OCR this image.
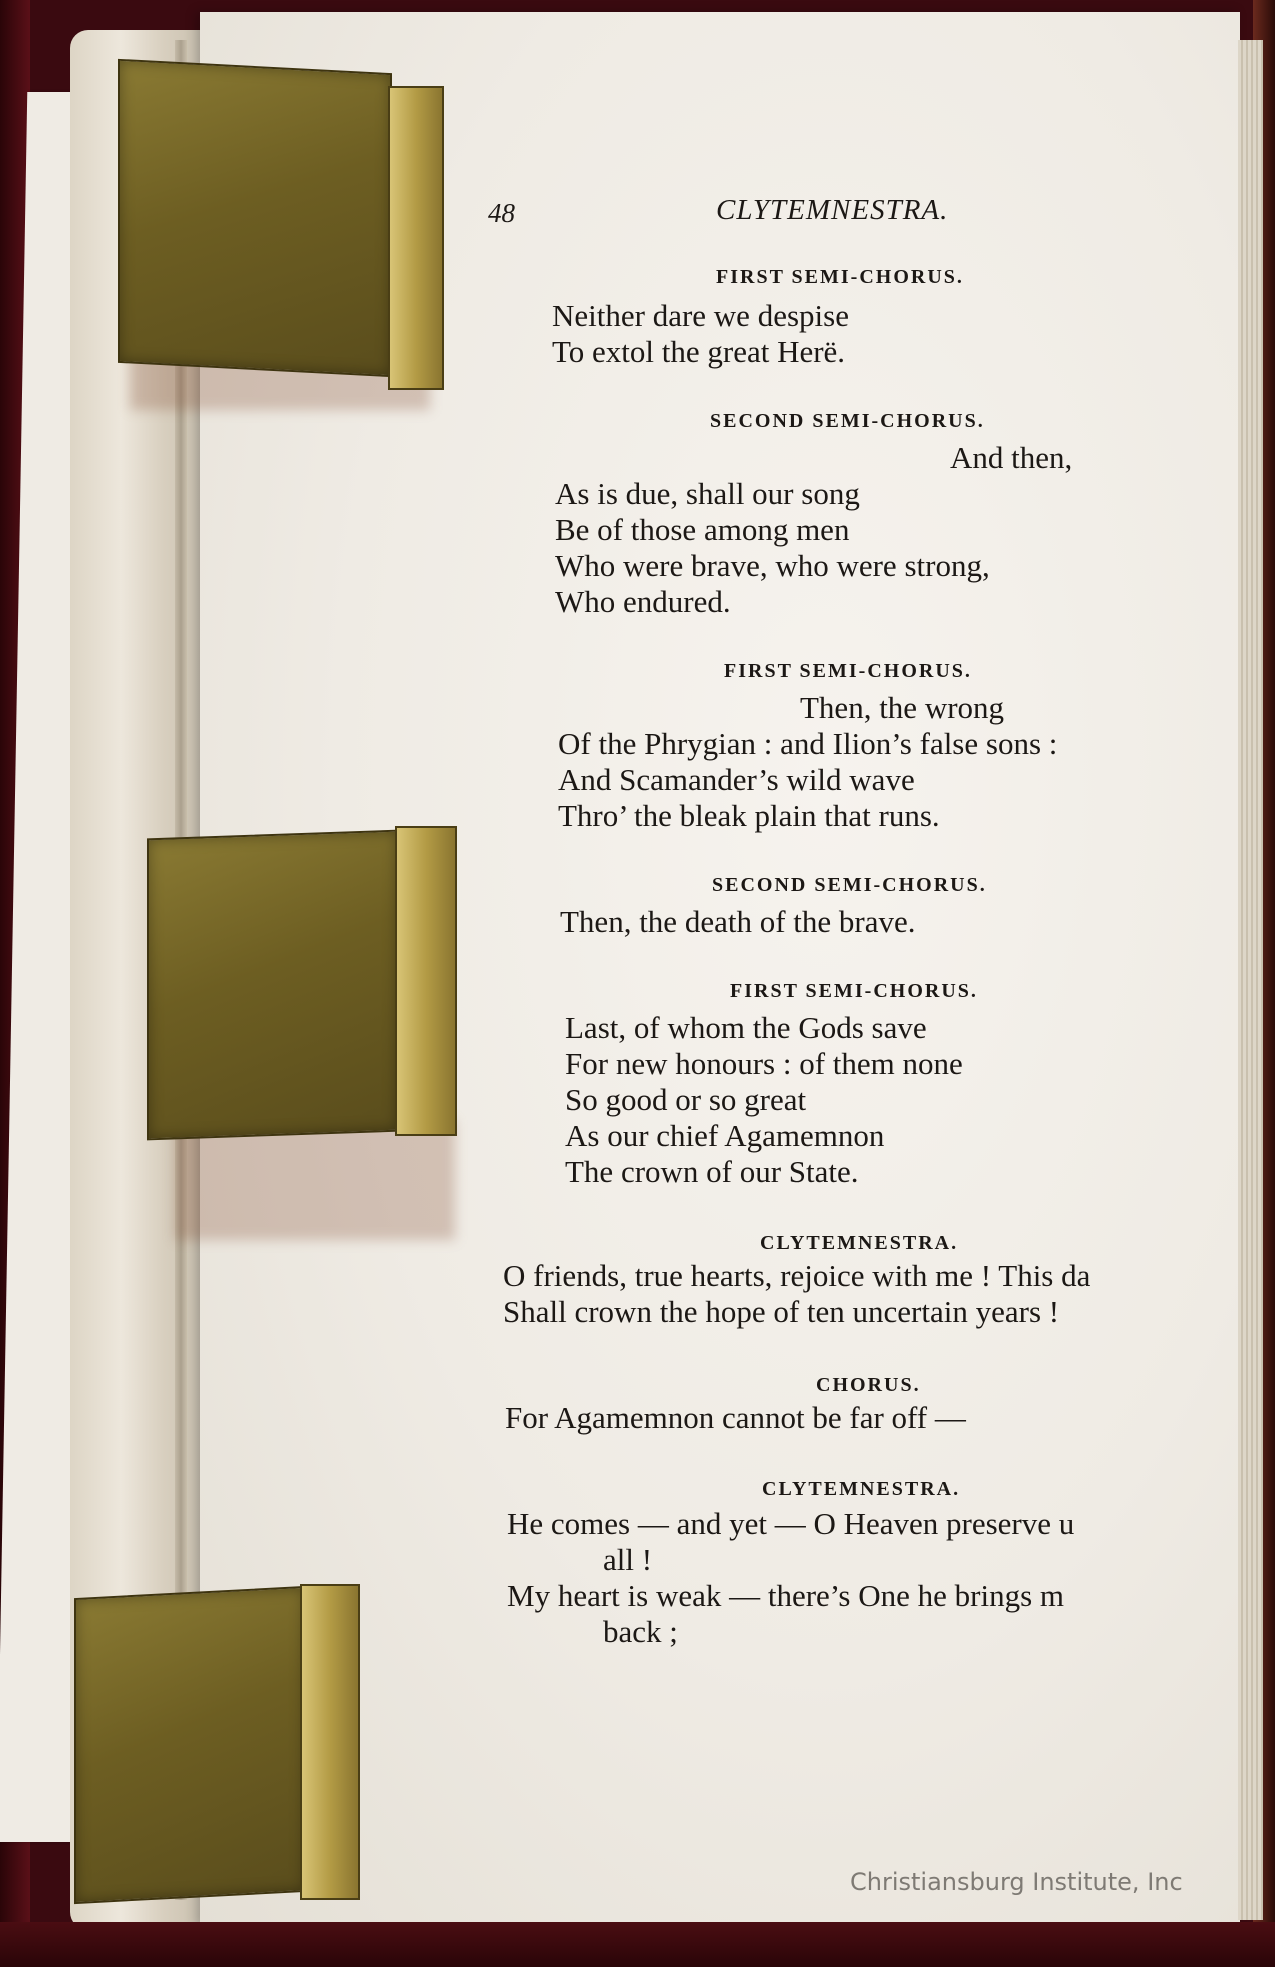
48	CLYTEMNESTRA.
FIRST SEMI-CHORUS.
Neither dare we despise
To extol the great Herë.
SECOND SEMI-CHORUS.
And then,
As is due, shall our song
Be of those among men
Who were brave, who were strong,
Who endured.
FIRST SEMI-CHORUS.
Then, the wrong
Of the Phrygian : and Ilion’s false sons :
And Scamander’s wild wave
Thro’ the bleak plain that runs.
SECOND SEMI-CHORUS.
Then, the death of the brave.
FIRST SEMI-CHORUS.
Last, of whom the Gods save
For new honours : of them none
So good or so great
As our chief Agamemnon
The crown of our State.
CLYTEMNESTRA.
O friends, true hearts, rejoice with me ! This da
Shall crown the hope of ten uncertain years !
CHORUS.
For Agamemnon cannot be far off —
CLYTEMNESTRA.
He comes — and yet — O Heaven preserve u
all !
My heart is weak — there’s One he brings m
back ;
Christiansburg Institute, Inc
